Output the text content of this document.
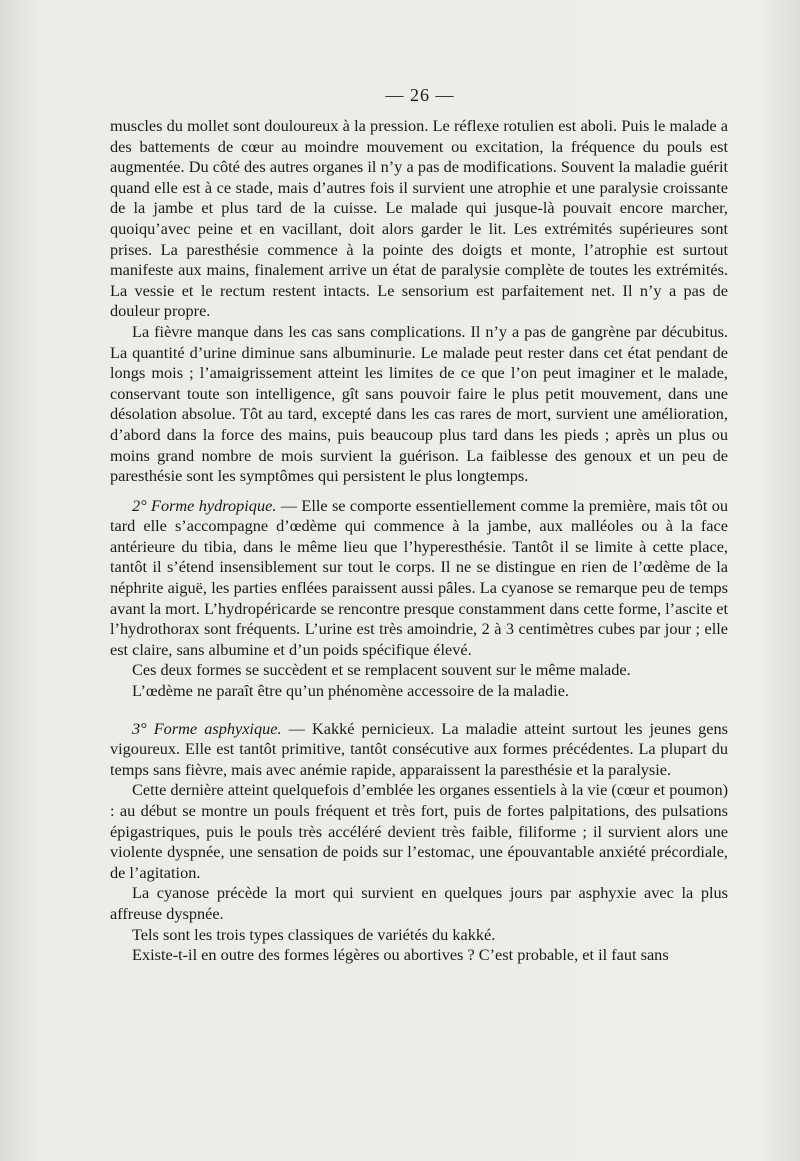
— 26 —

muscles du mollet sont douloureux à la pression. Le réflexe rotulien est aboli. Puis le malade a des battements de cœur au moindre mouvement ou excitation, la fréquence du pouls est augmentée. Du côté des autres organes il n’y a pas de modifications. Souvent la maladie guérit quand elle est à ce stade, mais d’autres fois il survient une atrophie et une paralysie croissante de la jambe et plus tard de la cuisse. Le malade qui jusque-là pouvait encore marcher, quoiqu’avec peine et en vacillant, doit alors garder le lit. Les extrémités supérieures sont prises. La paresthésie commence à la pointe des doigts et monte, l’atrophie est surtout manifeste aux mains, finalement arrive un état de paralysie complète de toutes les extrémités. La vessie et le rectum restent intacts. Le sensorium est parfaitement net. Il n’y a pas de douleur propre.

La fièvre manque dans les cas sans complications. Il n’y a pas de gangrène par décubitus. La quantité d’urine diminue sans albuminurie. Le malade peut rester dans cet état pendant de longs mois ; l’amaigrissement atteint les limites de ce que l’on peut imaginer et le malade, conservant toute son intelligence, gît sans pouvoir faire le plus petit mouvement, dans une désolation absolue. Tôt au tard, excepté dans les cas rares de mort, survient une amélioration, d’abord dans la force des mains, puis beaucoup plus tard dans les pieds ; après un plus ou moins grand nombre de mois survient la guérison. La faiblesse des genoux et un peu de paresthésie sont les symptômes qui persistent le plus longtemps.

2° Forme hydropique. — Elle se comporte essentiellement comme la première, mais tôt ou tard elle s’accompagne d’œdème qui commence à la jambe, aux malléoles ou à la face antérieure du tibia, dans le même lieu que l’hyperesthésie. Tantôt il se limite à cette place, tantôt il s’étend insensiblement sur tout le corps. Il ne se distingue en rien de l’œdème de la néphrite aiguë, les parties enflées paraissent aussi pâles. La cyanose se remarque peu de temps avant la mort. L’hydropéricarde se rencontre presque constamment dans cette forme, l’ascite et l’hydrothorax sont fréquents. L’urine est très amoindrie, 2 à 3 centimètres cubes par jour ; elle est claire, sans albumine et d’un poids spécifique élevé.

Ces deux formes se succèdent et se remplacent souvent sur le même malade.

L’œdème ne paraît être qu’un phénomène accessoire de la maladie.

3° Forme asphyxique. — Kakké pernicieux. La maladie atteint surtout les jeunes gens vigoureux. Elle est tantôt primitive, tantôt consécutive aux formes précédentes. La plupart du temps sans fièvre, mais avec anémie rapide, apparaissent la paresthésie et la paralysie.

Cette dernière atteint quelquefois d’emblée les organes essentiels à la vie (cœur et poumon) : au début se montre un pouls fréquent et très fort, puis de fortes palpitations, des pulsations épigastriques, puis le pouls très accéléré devient très faible, filiforme ; il survient alors une violente dyspnée, une sensation de poids sur l’estomac, une épouvantable anxiété précordiale, de l’agitation.

La cyanose précède la mort qui survient en quelques jours par asphyxie avec la plus affreuse dyspnée.

Tels sont les trois types classiques de variétés du kakké.

Existe-t-il en outre des formes légères ou abortives ? C’est probable, et il faut sans
